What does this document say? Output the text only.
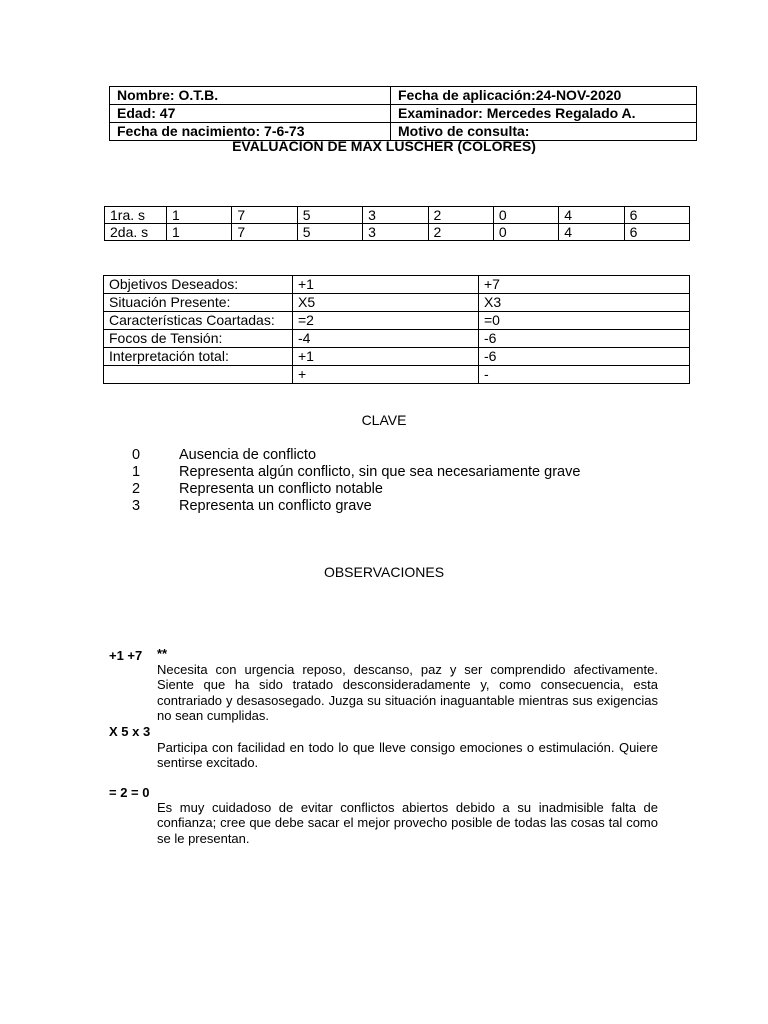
Nombre: O.T.B.	Fecha de aplicación:24-NOV-2020
Edad: 47	Examinador: Mercedes Regalado A.
Fecha de nacimiento: 7-6-73	Motivo de consulta:
EVALUACION DE MAX LUSCHER (COLORES)
1ra. s	1	7	5	3	2	0	4	6
2da. s	1	7	5	3	2	0	4	6
Objetivos Deseados:	+1	+7
Situación Presente:	X5	X3
Características Coartadas:	=2	=0
Focos de Tensión:	-4	-6
Interpretación total:	+1	-6
	+	-
CLAVE
0	Ausencia de conflicto
1	Representa algún conflicto, sin que sea necesariamente grave
2	Representa un conflicto notable
3	Representa un conflicto grave
OBSERVACIONES
+1 +7 **
Necesita con urgencia reposo, descanso, paz y ser comprendido afectivamente. Siente que ha sido tratado desconsideradamente y, como consecuencia, esta contrariado y desasosegado. Juzga su situación inaguantable mientras sus exigencias no sean cumplidas.
X 5 x 3
Participa con facilidad en todo lo que lleve consigo emociones o estimulación. Quiere sentirse excitado.
= 2 = 0
Es muy cuidadoso de evitar conflictos abiertos debido a su inadmisible falta de confianza; cree que debe sacar el mejor provecho posible de todas las cosas tal como se le presentan.
